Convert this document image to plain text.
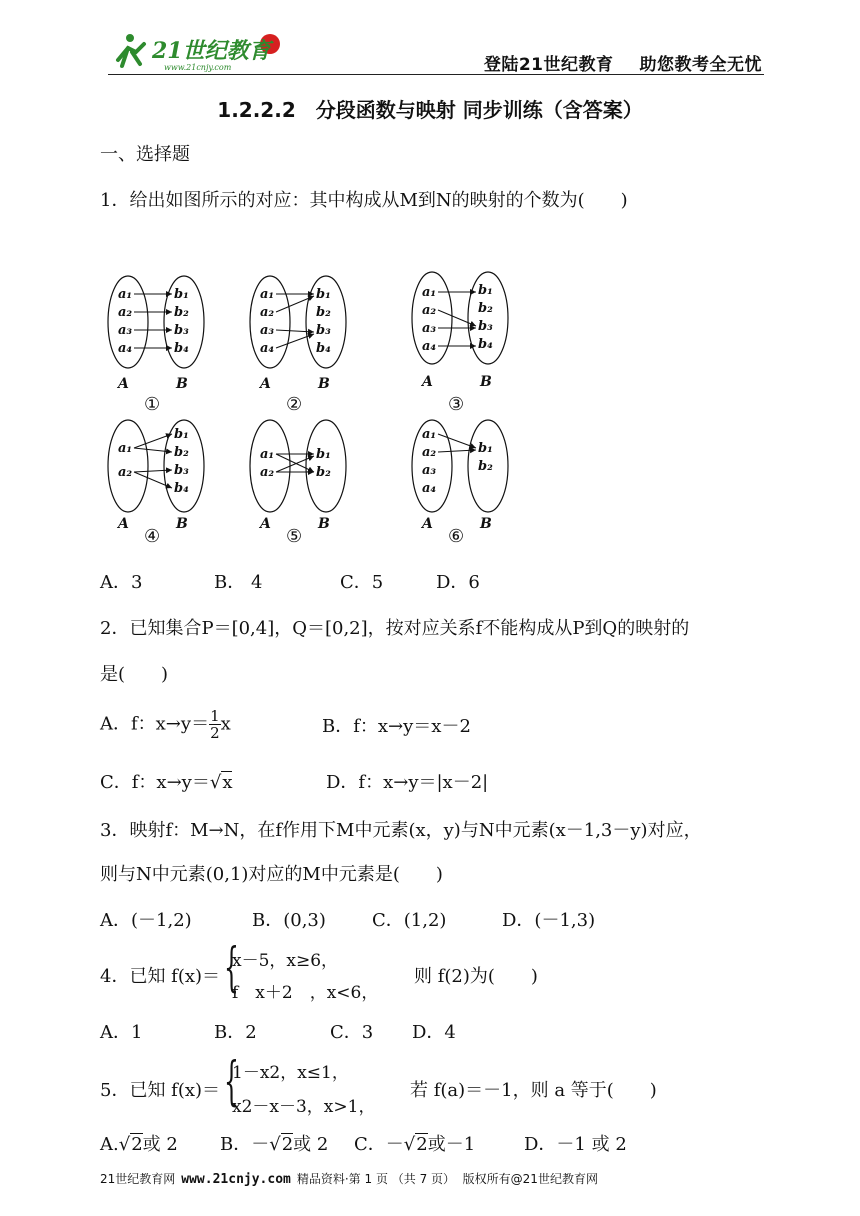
21世纪教育
www.21cnjy.com	登陆21世纪教育 助您教考全无忧
1.2.2.2　分段函数与映射 同步训练（含答案）
一、选择题
1．给出如图所示的对应：其中构成从M到N的映射的个数为(　　)
a₁
a₂
a₃
a₄
b₁
b₂
b₃
b₄
a₁
a₂
a₃
a₄
b₁
b₂
b₃
b₄
a₁
a₂
a₃
a₄
b₁
b₂
b₃
b₄
a₁
a₂
b₁
b₂
b₃
b₄
a₁
a₂
b₁
b₂
a₁
a₂
a₃
a₄
b₁
b₂
A	B	A	B	A	B
A	B	A	B	A	B
①	②	③
④	⑤	⑥
A．3	B． 4	C．5	D．6
2．已知集合P＝[0,4]，Q＝[0,2]，按对应关系f不能构成从P到Q的映射的
是(　　)
A．f：$x\to y= \frac{1}{2}$ x	B．f：x→y＝x－2
C．f：x→y＝√x	D．f：x→y＝|x－2|
3．映射f：M→N，在f作用下M中元素(x，y)与N中元素(x－1,3－y)对应，
则与N中元素(0,1)对应的M中元素是(　　)
A．(－1,2)	B．(0,3)	C．(1,2)	D．(－1,3)
4．已知 f(x)＝ {
x－5，x≥6，
f　x＋2　，x<6，
则 f(2)为(　　)
A．1	B．2	C．3 D．4
5．已知 f(x)＝ {
1－x2，x≤1，
x2－x－3，x>1，
若 f(a)＝－1，则 a 等于(　　)
A.√2或 2 B．－√2或 2 C．－√2或－1	D．－1 或 2
21世纪教育网 www.21cnjy.com 精品资料·第 1 页 （共 7 页） 版权所有@21世纪教育网
